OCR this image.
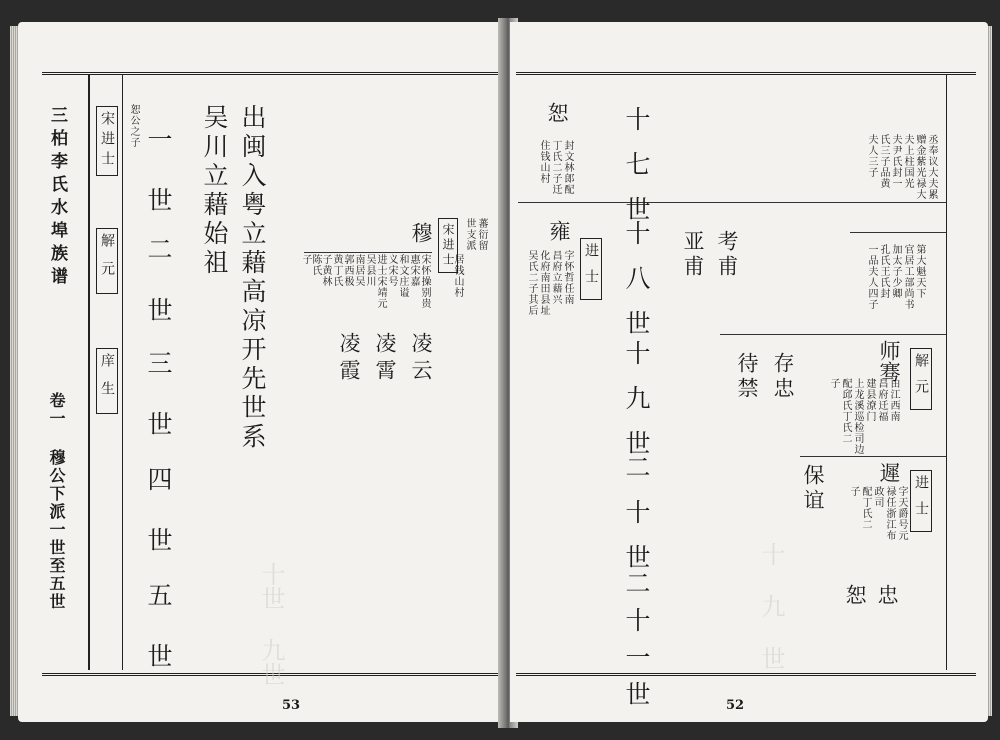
三柏李氏水埠族谱
卷一 穆公下派一世至五世
宋进士
解元
庠生
恕公之子 一世
二世
三世
四世
五世
出闽入粤立藉高凉开先世系
吴川立藉始祖
凌霞 凌霄 凌云
子 陈氏 子黄林 黄丁氏 郭西极 南居吴 吴县川 进士宋靖元 义宋号 和文庄谥 惠宋嘉 宋怀操别贵
穆 宋进士 世支派 蕃衍留
居钱山村
十世 九世
53
十七世
十八世
十九世
二十世
二十一世
恕
住钱山村 丁氏二子迁 封文林郎配
雍
吴氏二子其后 化府南田县址 昌府立藉兴 字怀哲任南 进士	亚甫 考甫
夫人三子 氏三子品黄 夫尹氏封一 夫上柱国光 赠金紫光禄大 丞奉议大夫累
一品夫人四子 孔氏王氏封 加太子少卿 官居工部尚书 第大魁天下
解元
师骞
子 配邱氏丁氏二 上龙溪巡检司边 建县潦门 昌府迁福 由江西南
待禁 存忠
进士
遲
子 配丁氏二 政司 禄任浙江布 字天爵号元
保谊
恕 忠
十 九 世
52
